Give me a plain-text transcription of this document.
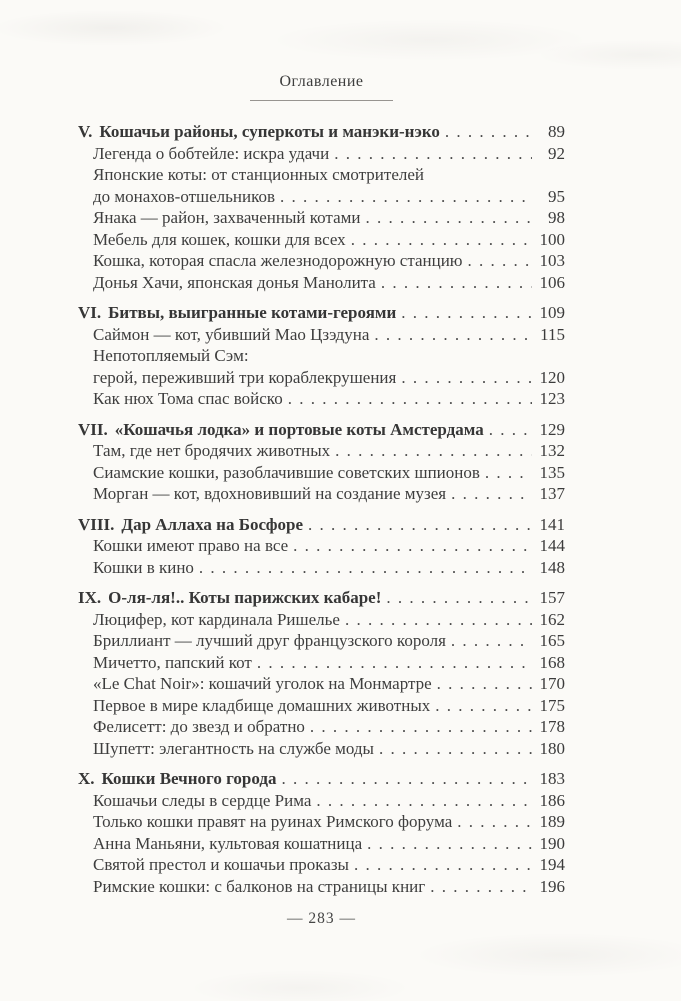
Оглавление
V. Кошачьи районы, суперкоты и манэки-нэко . . .	89
Легенда о бобтейле: искра удачи . . .	92
Японские коты: от станционных смотрителей
до монахов-отшельников . . .	95
Янака — район, захваченный котами . . .	98
Мебель для кошек, кошки для всех . . .	100
Кошка, которая спасла железнодорожную станцию . . .	103
Донья Хачи, японская донья Манолита . . .	106
VI. Битвы, выигранные котами-героями . . .	109
Саймон — кот, убивший Мао Цзэдуна . . .	115
Непотопляемый Сэм:
герой, переживший три кораблекрушения . . .	120
Как нюх Тома спас войско . . .	123
VII. «Кошачья лодка» и портовые коты Амстердама . . .	129
Там, где нет бродячих животных . . .	132
Сиамские кошки, разоблачившие советских шпионов . . .	135
Морган — кот, вдохновивший на создание музея . . .	137
VIII. Дар Аллаха на Босфоре . . .	141
Кошки имеют право на все . . .	144
Кошки в кино . . .	148
IX. О-ля-ля!.. Коты парижских кабаре! . . .	157
Люцифер, кот кардинала Ришелье . . .	162
Бриллиант — лучший друг французского короля . . .	165
Мичетто, папский кот . . .	168
«Le Chat Noir»: кошачий уголок на Монмартре . . .	170
Первое в мире кладбище домашних животных . . .	175
Фелисетт: до звезд и обратно . . .	178
Шупетт: элегантность на службе моды . . .	180
X. Кошки Вечного города . . .	183
Кошачьи следы в сердце Рима . . .	186
Только кошки правят на руинах Римского форума . . .	189
Анна Маньяни, культовая кошатница . . .	190
Святой престол и кошачьи проказы . . .	194
Римские кошки: с балконов на страницы книг . . .	196
— 283 —
